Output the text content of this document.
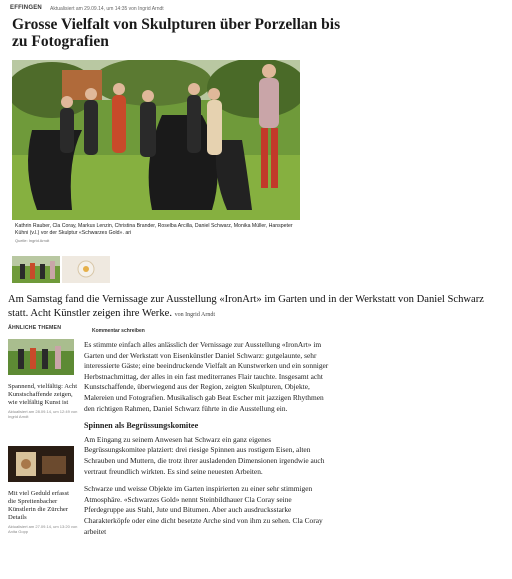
EFFINGEN Aktualisiert am 29.09.14, um 14:35 von Ingrid Arndt
Grosse Vielfalt von Skulpturen über Porzellan bis zu Fotografien
Kathrin Rauber, Cla Coray, Markus Lenzin, Christina Brander, Roselba Arcilla, Daniel Schwarz, Monika Müller, Hanspeter Kühni (v.l.) vor der Skulptur «Schwarzes Gold». ari
Quelle: Ingrid Arndt
Am Samstag fand die Vernissage zur Ausstellung «IronArt» im Garten und in der Werkstatt von Daniel Schwarz statt. Acht Künstler zeigen ihre Werke. von Ingrid Arndt
ÄHNLICHE THEMEN
Spannend, vielfältig: Acht Kunstschaffende zeigen, wie vielfältig Kunst ist
Aktualisiert am 28.09.14, um 12:49 von Ingrid Arndt
Mit viel Geduld erfasst die Spreitenbacher Künstlerin die Zürcher Details
Aktualisiert am 27.09.14, um 13:20 von Anita Gopp
Kommentar schreiben

Es stimmte einfach alles anlässlich der Vernissage zur Ausstellung «IronArt» im Garten und der Werkstatt von Eisenkünstler Daniel Schwarz: gutgelaunte, sehr interessierte Gäste; eine beeindruckende Vielfalt an Kunstwerken und ein sonniger Herbstnachmittag, der alles in ein fast mediterranes Flair tauchte. Insgesamt acht Kunstschaffende, überwiegend aus der Region, zeigten Skulpturen, Objekte, Malereien und Fotografien. Musikalisch gab Beat Escher mit jazzigen Rhythmen den richtigen Rahmen, Daniel Schwarz führte in die Ausstellung ein.

Spinnen als Begrüssungskomitee

Am Eingang zu seinem Anwesen hat Schwarz ein ganz eigenes Begrüssungskomitee platziert: drei riesige Spinnen aus rostigem Eisen, alten Schrauben und Muttern, die trotz ihrer ausladenden Dimensionen irgendwie auch vertraut freundlich wirkten. Es sind seine neuesten Arbeiten.

Schwarze und weisse Objekte im Garten inspirierten zu einer sehr stimmigen Atmosphäre. «Schwarzes Gold» nennt Steinbildhauer Cla Coray seine Pferdegruppe aus Stahl, Jute und Bitumen. Aber auch ausdrucksstarke Charakterköpfe oder eine dicht besetzte Arche sind von ihm zu sehen. Cla Coray arbeitet
